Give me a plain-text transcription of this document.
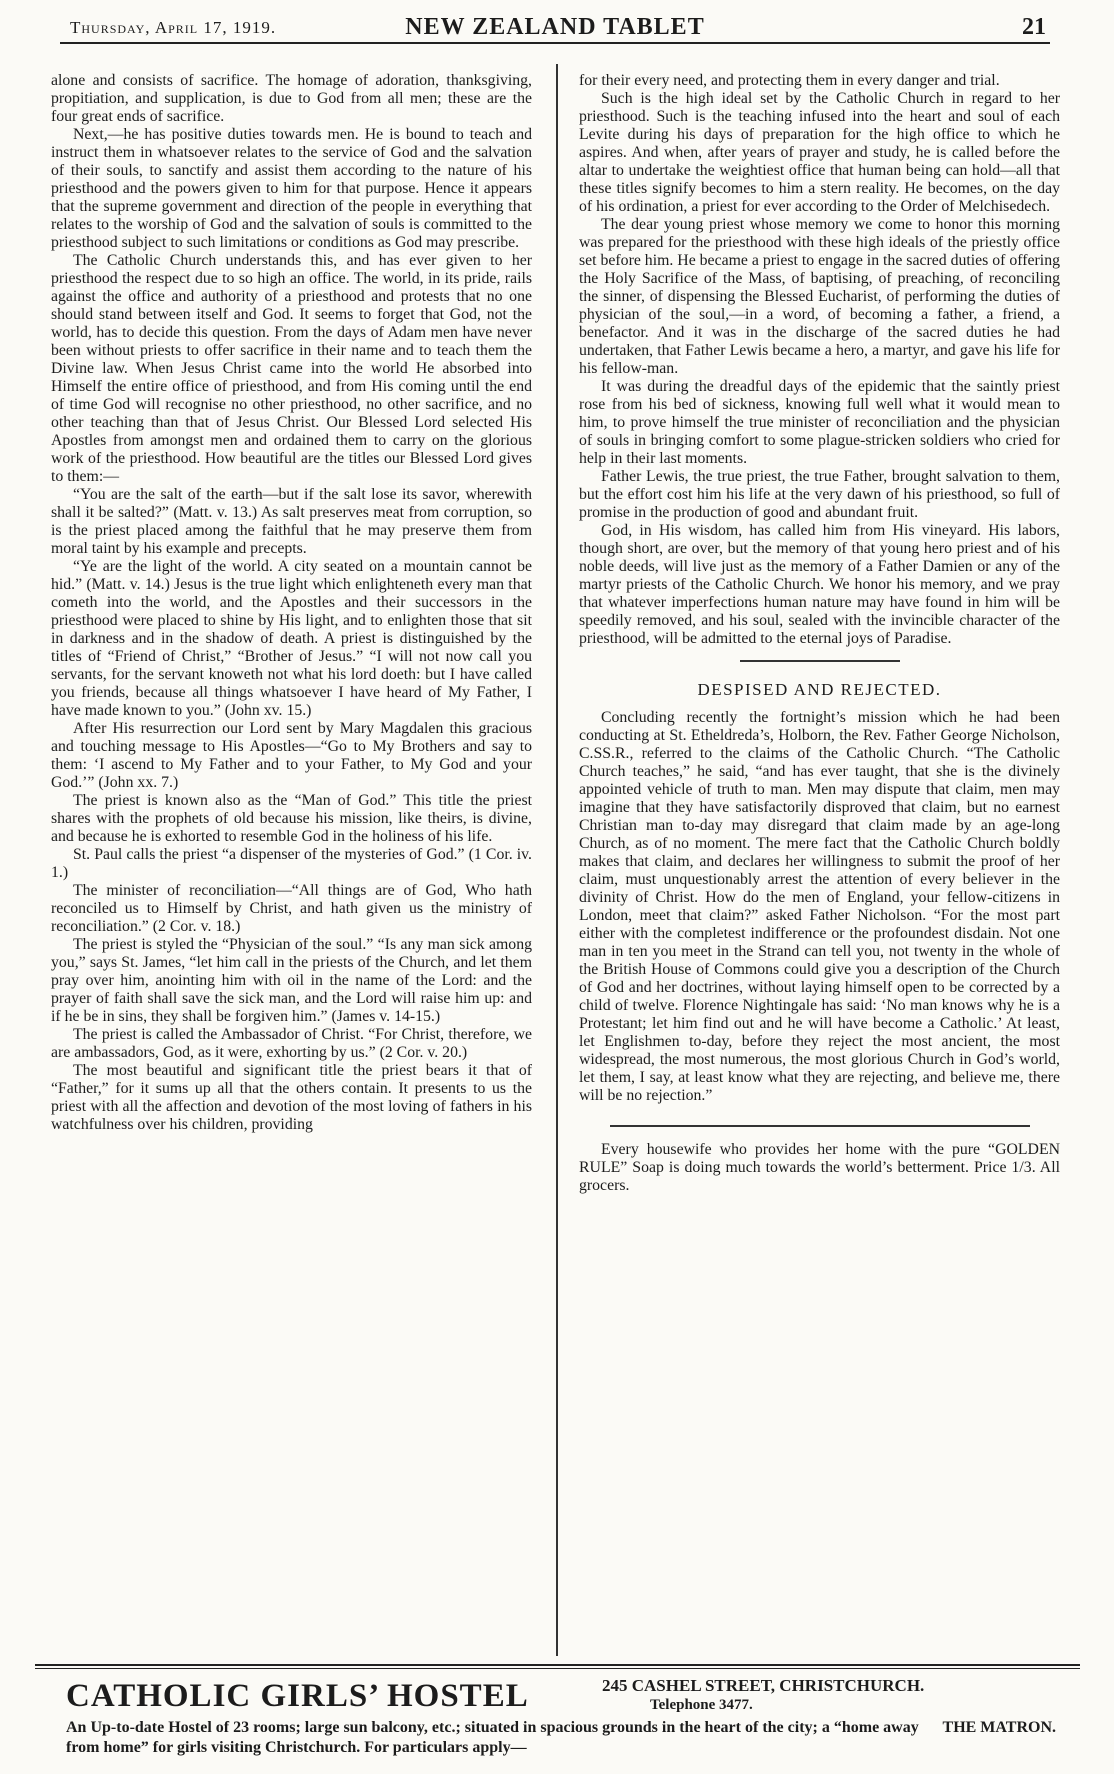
Thursday, April 17, 1919.	NEW ZEALAND TABLET	21

alone and consists of sacrifice. The homage of adoration, thanksgiving, propitiation, and supplication, is due to God from all men; these are the four great ends of sacrifice.

Next,—he has positive duties towards men. He is bound to teach and instruct them in whatsoever relates to the service of God and the salvation of their souls, to sanctify and assist them according to the nature of his priesthood and the powers given to him for that purpose. Hence it appears that the supreme government and direction of the people in everything that relates to the worship of God and the salvation of souls is committed to the priesthood subject to such limitations or conditions as God may prescribe.

The Catholic Church understands this, and has ever given to her priesthood the respect due to so high an office. The world, in its pride, rails against the office and authority of a priesthood and protests that no one should stand between itself and God. It seems to forget that God, not the world, has to decide this question. From the days of Adam men have never been without priests to offer sacrifice in their name and to teach them the Divine law. When Jesus Christ came into the world He absorbed into Himself the entire office of priesthood, and from His coming until the end of time God will recognise no other priesthood, no other sacrifice, and no other teaching than that of Jesus Christ. Our Blessed Lord selected His Apostles from amongst men and ordained them to carry on the glorious work of the priesthood. How beautiful are the titles our Blessed Lord gives to them:—

“You are the salt of the earth—but if the salt lose its savor, wherewith shall it be salted?” (Matt. v. 13.) As salt preserves meat from corruption, so is the priest placed among the faithful that he may preserve them from moral taint by his example and precepts.

“Ye are the light of the world. A city seated on a mountain cannot be hid.” (Matt. v. 14.) Jesus is the true light which enlighteneth every man that cometh into the world, and the Apostles and their successors in the priesthood were placed to shine by His light, and to enlighten those that sit in darkness and in the shadow of death. A priest is distinguished by the titles of “Friend of Christ,” “Brother of Jesus.” “I will not now call you servants, for the servant knoweth not what his lord doeth: but I have called you friends, because all things whatsoever I have heard of My Father, I have made known to you.” (John xv. 15.)

After His resurrection our Lord sent by Mary Magdalen this gracious and touching message to His Apostles—“Go to My Brothers and say to them: ‘I ascend to My Father and to your Father, to My God and your God.’” (John xx. 7.)

The priest is known also as the “Man of God.” This title the priest shares with the prophets of old because his mission, like theirs, is divine, and because he is exhorted to resemble God in the holiness of his life.

St. Paul calls the priest “a dispenser of the mysteries of God.” (1 Cor. iv. 1.)

The minister of reconciliation—“All things are of God, Who hath reconciled us to Himself by Christ, and hath given us the ministry of reconciliation.” (2 Cor. v. 18.)

The priest is styled the “Physician of the soul.” “Is any man sick among you,” says St. James, “let him call in the priests of the Church, and let them pray over him, anointing him with oil in the name of the Lord: and the prayer of faith shall save the sick man, and the Lord will raise him up: and if he be in sins, they shall be forgiven him.” (James v. 14-15.)

The priest is called the Ambassador of Christ. “For Christ, therefore, we are ambassadors, God, as it were, exhorting by us.” (2 Cor. v. 20.)

The most beautiful and significant title the priest bears it that of “Father,” for it sums up all that the others contain. It presents to us the priest with all the affection and devotion of the most loving of fathers in his watchfulness over his children, providing

for their every need, and protecting them in every danger and trial.

Such is the high ideal set by the Catholic Church in regard to her priesthood. Such is the teaching infused into the heart and soul of each Levite during his days of preparation for the high office to which he aspires. And when, after years of prayer and study, he is called before the altar to undertake the weightiest office that human being can hold—all that these titles signify becomes to him a stern reality. He becomes, on the day of his ordination, a priest for ever according to the Order of Melchisedech.

The dear young priest whose memory we come to honor this morning was prepared for the priesthood with these high ideals of the priestly office set before him. He became a priest to engage in the sacred duties of offering the Holy Sacrifice of the Mass, of baptising, of preaching, of reconciling the sinner, of dispensing the Blessed Eucharist, of performing the duties of physician of the soul,—in a word, of becoming a father, a friend, a benefactor. And it was in the discharge of the sacred duties he had undertaken, that Father Lewis became a hero, a martyr, and gave his life for his fellow-man.

It was during the dreadful days of the epidemic that the saintly priest rose from his bed of sickness, knowing full well what it would mean to him, to prove himself the true minister of reconciliation and the physician of souls in bringing comfort to some plague-stricken soldiers who cried for help in their last moments.

Father Lewis, the true priest, the true Father, brought salvation to them, but the effort cost him his life at the very dawn of his priesthood, so full of promise in the production of good and abundant fruit.

God, in His wisdom, has called him from His vineyard. His labors, though short, are over, but the memory of that young hero priest and of his noble deeds, will live just as the memory of a Father Damien or any of the martyr priests of the Catholic Church. We honor his memory, and we pray that whatever imperfections human nature may have found in him will be speedily removed, and his soul, sealed with the invincible character of the priesthood, will be admitted to the eternal joys of Paradise.

DESPISED AND REJECTED.

Concluding recently the fortnight’s mission which he had been conducting at St. Etheldreda’s, Holborn, the Rev. Father George Nicholson, C.SS.R., referred to the claims of the Catholic Church. “The Catholic Church teaches,” he said, “and has ever taught, that she is the divinely appointed vehicle of truth to man. Men may dispute that claim, men may imagine that they have satisfactorily disproved that claim, but no earnest Christian man to-day may disregard that claim made by an age-long Church, as of no moment. The mere fact that the Catholic Church boldly makes that claim, and declares her willingness to submit the proof of her claim, must unquestionably arrest the attention of every believer in the divinity of Christ. How do the men of England, your fellow-citizens in London, meet that claim?” asked Father Nicholson. “For the most part either with the completest indifference or the profoundest disdain. Not one man in ten you meet in the Strand can tell you, not twenty in the whole of the British House of Commons could give you a description of the Church of God and her doctrines, without laying himself open to be corrected by a child of twelve. Florence Nightingale has said: ‘No man knows why he is a Protestant; let him find out and he will have become a Catholic.’ At least, let Englishmen to-day, before they reject the most ancient, the most widespread, the most numerous, the most glorious Church in God’s world, let them, I say, at least know what they are rejecting, and believe me, there will be no rejection.”

Every housewife who provides her home with the pure “GOLDEN RULE” Soap is doing much towards the world’s betterment. Price 1/3. All grocers.

CATHOLIC GIRLS’ HOSTEL	245 CASHEL STREET, CHRISTCHURCH.
Telephone 3477.
THE MATRON.
An Up-to-date Hostel of 23 rooms; large sun balcony, etc.; situated in spacious grounds in the heart of the city; a “home away from home” for girls visiting Christchurch. For particulars apply—
